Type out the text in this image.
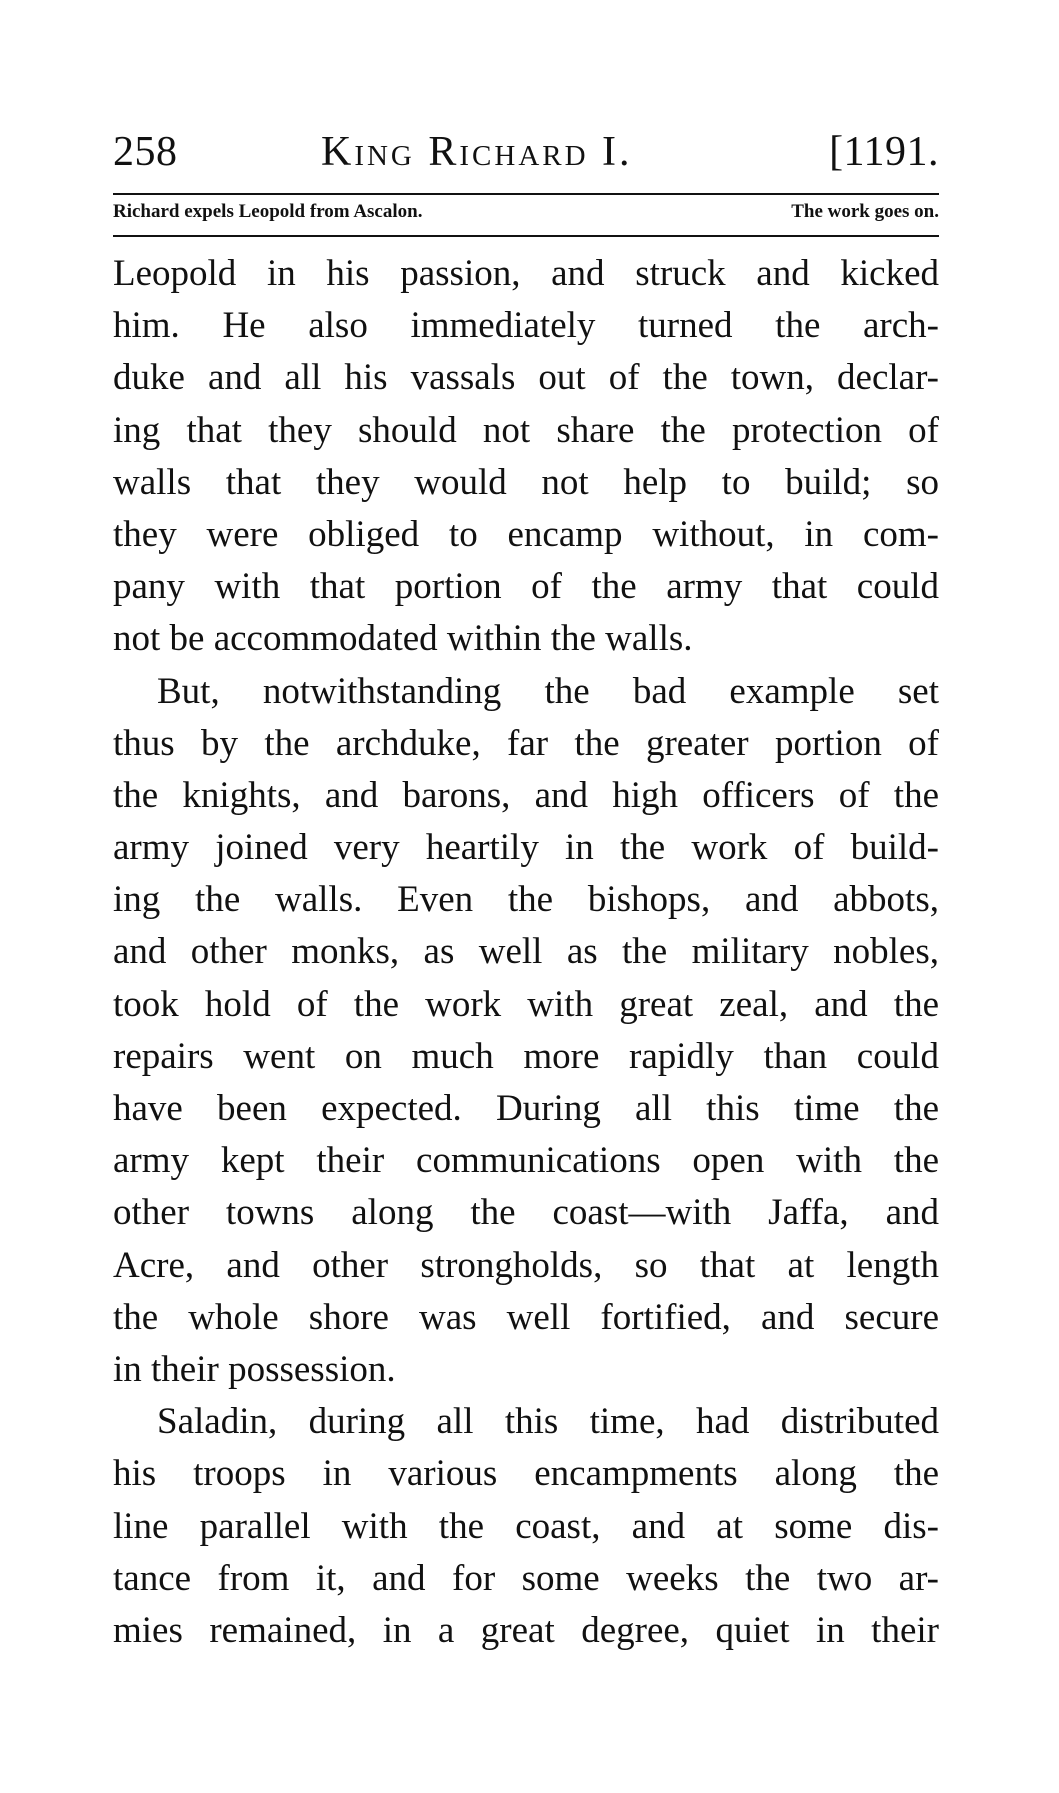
258	King Richard I.	[1191.
Richard expels Leopold from Ascalon.	The work goes on.
Leopold in his passion, and struck and kicked
him. He also immediately turned the arch-
duke and all his vassals out of the town, declar-
ing that they should not share the protection of
walls that they would not help to build; so
they were obliged to encamp without, in com-
pany with that portion of the army that could
not be accommodated within the walls.
But, notwithstanding the bad example set
thus by the archduke, far the greater portion of
the knights, and barons, and high officers of the
army joined very heartily in the work of build-
ing the walls. Even the bishops, and abbots,
and other monks, as well as the military nobles,
took hold of the work with great zeal, and the
repairs went on much more rapidly than could
have been expected. During all this time the
army kept their communications open with the
other towns along the coast—with Jaffa, and
Acre, and other strongholds, so that at length
the whole shore was well fortified, and secure
in their possession.
Saladin, during all this time, had distributed
his troops in various encampments along the
line parallel with the coast, and at some dis-
tance from it, and for some weeks the two ar-
mies remained, in a great degree, quiet in their
